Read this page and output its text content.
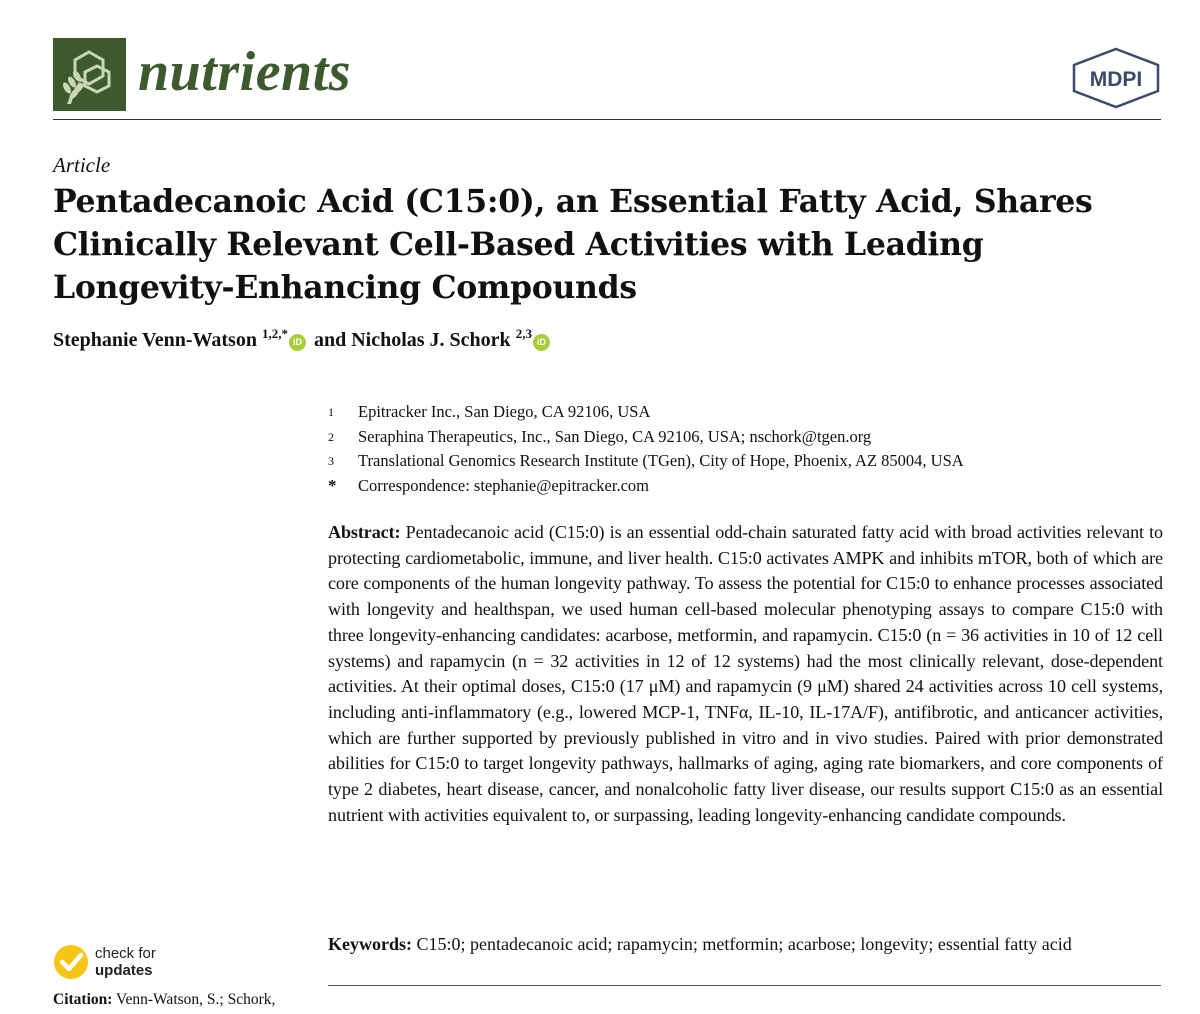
nutrients	MDPI
Article
Pentadecanoic Acid (C15:0), an Essential Fatty Acid, Shares Clinically Relevant Cell-Based Activities with Leading Longevity-Enhancing Compounds
Stephanie Venn-Watson $^{1,2,*}$iD and Nicholas J. Schork $^{2,3}$iD
1	Epitracker Inc., San Diego, CA 92106, USA
2	Seraphina Therapeutics, Inc., San Diego, CA 92106, USA; nschork@tgen.org
3	Translational Genomics Research Institute (TGen), City of Hope, Phoenix, AZ 85004, USA
*	Correspondence: stephanie@epitracker.com

Abstract: Pentadecanoic acid (C15:0) is an essential odd-chain saturated fatty acid with broad activities relevant to protecting cardiometabolic, immune, and liver health. C15:0 activates AMPK and inhibits mTOR, both of which are core components of the human longevity pathway. To assess the potential for C15:0 to enhance processes associated with longevity and healthspan, we used human cell-based molecular phenotyping assays to compare C15:0 with three longevity-enhancing candidates: acarbose, metformin, and rapamycin. C15:0 (n = 36 activities in 10 of 12 cell systems) and rapamycin (n = 32 activities in 12 of 12 systems) had the most clinically relevant, dose-dependent activities. At their optimal doses, C15:0 (17 μM) and rapamycin (9 μM) shared 24 activities across 10 cell systems, including anti-inflammatory (e.g., lowered MCP-1, TNFα, IL-10, IL-17A/F), antifibrotic, and anticancer activities, which are further supported by previously published in vitro and in vivo studies. Paired with prior demonstrated abilities for C15:0 to target longevity pathways, hallmarks of aging, aging rate biomarkers, and core components of type 2 diabetes, heart disease, cancer, and nonalcoholic fatty liver disease, our results support C15:0 as an essential nutrient with activities equivalent to, or surpassing, leading longevity-enhancing candidate compounds.

Keywords: C15:0; pentadecanoic acid; rapamycin; metformin; acarbose; longevity; essential fatty acid
check for
updates
Citation: Venn-Watson, S.; Schork,
